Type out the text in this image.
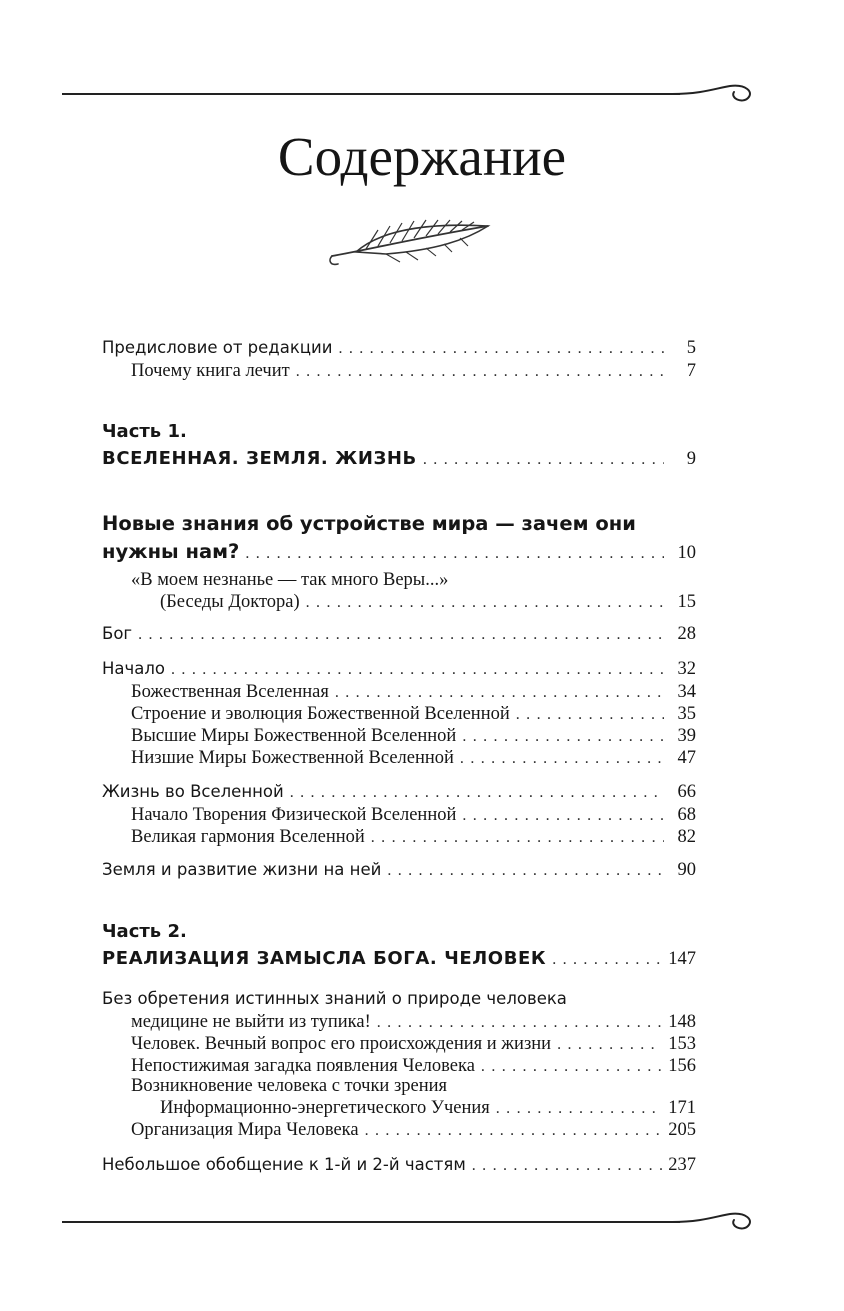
Содержание
Предисловие от редакции . . .	5
Почему книга лечит . . .	7
Часть 1.
ВСЕЛЕННАЯ. ЗЕМЛЯ. ЖИЗНЬ . . .	9
Новые знания об устройстве мира — зачем они
нужны нам? . . .	10
«В моем незнанье — так много Веры...»
(Беседы Доктора) . . .	15
Бог . . .	28
Начало . . .	32
Божественная Вселенная . . .	34
Строение и эволюция Божественной Вселенной . . .	35
Высшие Миры Божественной Вселенной . . .	39
Низшие Миры Божественной Вселенной . . .	47
Жизнь во Вселенной . . .	66
Начало Творения Физической Вселенной . . .	68
Великая гармония Вселенной . . .	82
Земля и развитие жизни на ней . . .	90
Часть 2.
РЕАЛИЗАЦИЯ ЗАМЫСЛА БОГА. ЧЕЛОВЕК . . .	147
Без обретения истинных знаний о природе человека
медицине не выйти из тупика! . . .	148
Человек. Вечный вопрос его происхождения и жизни . . .	153
Непостижимая загадка появления Человека . . .	156
Возникновение человека с точки зрения
Информационно-энергетического Учения . . .	171
Организация Мира Человека . . .	205
Небольшое обобщение к 1-й и 2-й частям . . .	237
